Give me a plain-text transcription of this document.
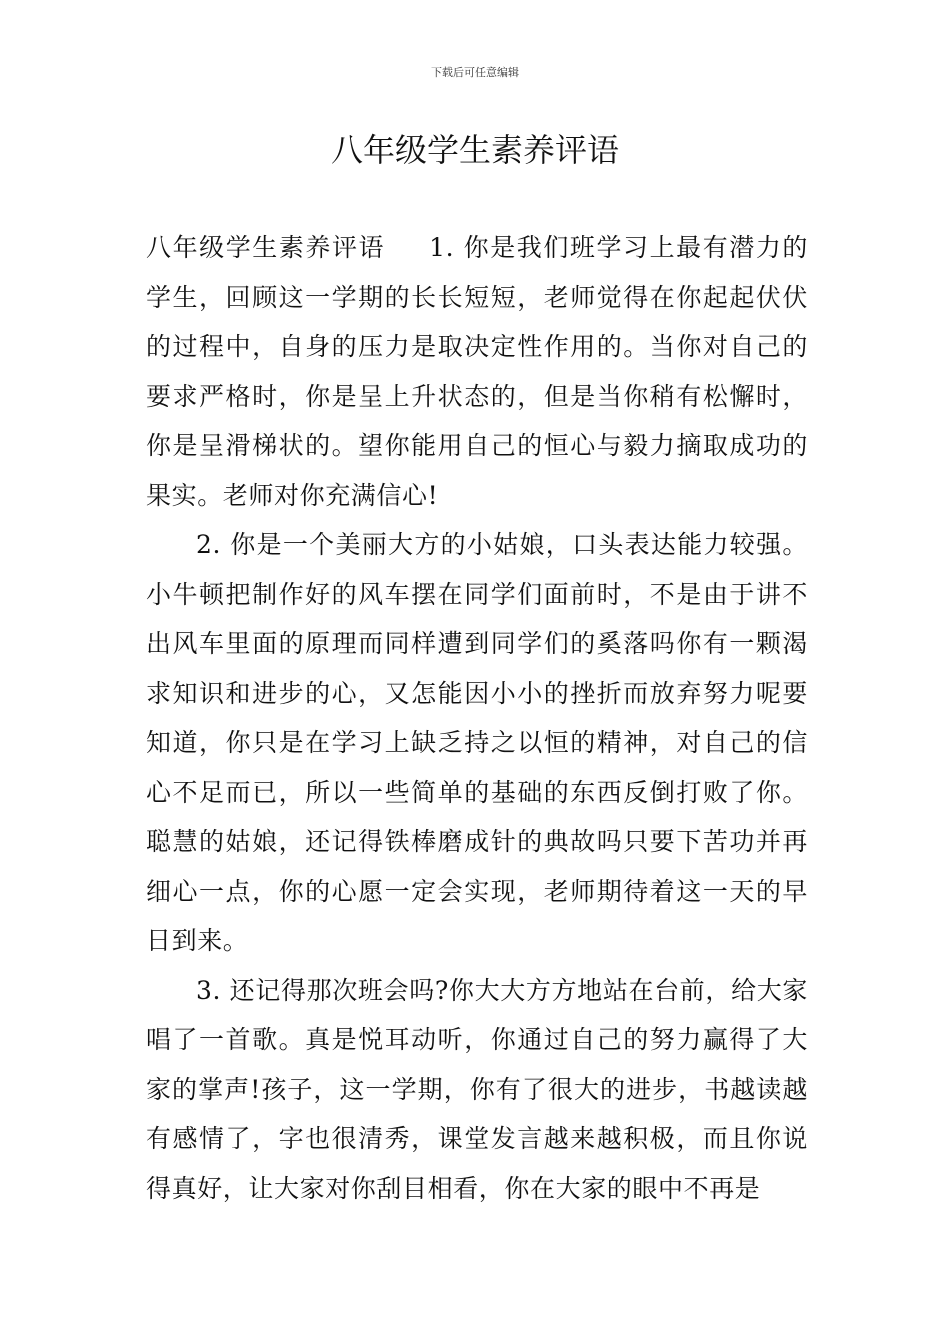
下载后可任意编辑
八年级学生素养评语

八年级学生素养评语 1. 你是我们班学习上最有潜力的学生，回顾这一学期的长长短短，老师觉得在你起起伏伏的过程中，自身的压力是取决定性作用的。当你对自己的要求严格时，你是呈上升状态的，但是当你稍有松懈时，你是呈滑梯状的。望你能用自己的恒心与毅力摘取成功的果实。老师对你充满信心!

2. 你是一个美丽大方的小姑娘，口头表达能力较强。小牛顿把制作好的风车摆在同学们面前时，不是由于讲不出风车里面的原理而同样遭到同学们的奚落吗你有一颗渴求知识和进步的心，又怎能因小小的挫折而放弃努力呢要知道，你只是在学习上缺乏持之以恒的精神，对自己的信心不足而已，所以一些简单的基础的东西反倒打败了你。聪慧的姑娘，还记得铁棒磨成针的典故吗只要下苦功并再细心一点，你的心愿一定会实现，老师期待着这一天的早日到来。

3. 还记得那次班会吗?你大大方方地站在台前，给大家唱了一首歌。真是悦耳动听，你通过自己的努力赢得了大家的掌声!孩子，这一学期，你有了很大的进步，书越读越有感情了，字也很清秀，课堂发言越来越积极，而且你说得真好，让大家对你刮目相看，你在大家的眼中不再是
